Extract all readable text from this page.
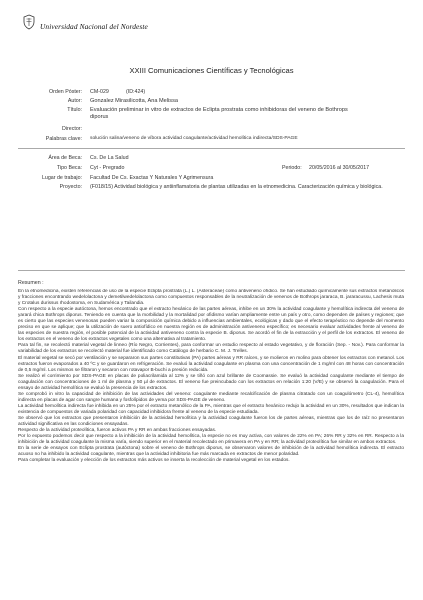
Universidad Nacional del Nordeste
XXIII Comunicaciones Científicas y Tecnológicas
Orden Póster: CM-029	(ID:424)
Autor: Gonzalez Mirasilicotta, Ana Melissa
Título: Evaluación preliminar in vitro de extractos de Eclipta prostrata como inhibidoras del veneno de Bothrops diporus
Director:
Palabras clave: solución salina/veneno de víbora actividad coagulante/actividad hemolítica indirecta/SDS-PAGE
Área de Beca: Cs. De La Salud
Tipo Beca: Cyt - Pregrado	Periodo: 20/05/2016 al 30/05/2017
Lugar de trabajo: Facultad De Cs. Exactas Y Naturales Y Agrimensura
Proyecto: (F018/15) Actividad biológica y antiinflamatoria de plantas utilizadas en la etnomedicina. Caracterización química y biológica.
Resumen :

En la etnomedicina, existen referencias de uso de la especie Eclipta prostrata (L.) L. (Asteraceae) como antiveneno ofídico. Se han estudiado químicamente sus extractos metanólicos y fracciones encontrando wedelolactona y demetilwedelolactona como compuestos responsables de la neutralización de venenos de Bothrops jararaca, B. jararacussu, Lachesis muta y Crotalus durissus rhodostoma, en Sudamérica y Tailandia.

Con respecto a la especie autóctona, hemos encontrado que el extracto hexánico de las partes aéreas, inhibe en un 30% la actividad coagulante y hemolítica indirecta del veneno de yarará chica Bothrops diporus. Teniendo en cuenta que la morbilidad y la mortalidad por ofidismo varían ampliamente entre un país y otro, como dependen de países y regiones; que es cierto que las especies venenosas pueden variar la composición química debido a influencias ambientales, ecológicas y dado que el efecto terapéutico no depende del momento preciso en que se aplique; que la utilización de suero antiofídico en nuestra región es de administración antiveneno específico; es necesario evaluar actividades frente al veneno de las especies de nuestra región, el posible potencial de la actividad antiveneno contra la especie B. diporus. Se acordó el fin de la extracción y el perfil de los extractos. El veneno de los extractos en el veneno de los extractos vegetales como una alternativa al tratamiento.

Para tal fin, se recolectó material vegetal de linneo (Río Negro, Corrientes), para conformar un estudio respecto al estado vegetativo, y de floración (Sep. - Nov.). Para conformar la variabilidad de los extractos se recolectó material fue identificado como Catálogo de herbario C. M. J. Trelles.

El material vegetal se secó por ventilación y se separaron sus partes constitutivas (PA) partes aéreas y RR raíces, y se molieron en molino para obtener los extractos con metanol. Los extractos fueron evaporados a 40 ºC y se guardaron en refrigeración. Se evaluó la actividad coagulante en plasma con una concentración de 1 mg/ml con 48 horas con concentración de 0,5 mg/ml. Los mismos se filtraron y secaron con rotavapor B-buchi a presión reducida.

Se realizó el corrimiento por SDS-PAGE en placas de poliacrilamida al 12% y se tiñó con azul brillante de Coomassie. Se evaluó la actividad coagulante mediante el tiempo de coagulación con concentraciones de 1 ml de plasma y 50 µl de extractos. El veneno fue preincubado con los extractos en relación 1:20 (V/E) y se observó la coagulación. Para el ensayo de actividad hemolítica se evaluó la presencia de los extractos.

Se comprobó in vitro la capacidad de inhibición de las actividades del veneno: coagulante mediante recalcificación de plasma citratado con un coagulómetro (CL-4), hemolítica indirecta en placas de agar con sangre humana y fosfolípidos de yema por SDS-PAGE de veneno.

La actividad hemolítica indirecta fue inhibida en un 25% por el extracto metanólico de la PA, mientras que el extracto hexánico redujo la actividad en un 30%, resultados que indican la existencia de compuestos de variada polaridad con capacidad inhibidora frente al veneno de la especie estudiada.

Se observó que los extractos que presentaron inhibición de la actividad hemolítica y la actividad coagulante fueron los de partes aéreas, mientras que los de raíz no presentaron actividad significativa en las condiciones ensayadas.

Respecto de la actividad proteolítica, fueron activos PA y RR en ambas fracciones ensayadas.

Por lo expuesto podemos decir que respecto a la inhibición de la actividad hemolítica, la especie no es muy activa, con valores de 22% en PA; 26% RR y 32% en RR. Respecto a la inhibición de la actividad coagulante la misma varía, siendo superior en el material recolectado en primavera en PA y en RR; la actividad proteolítica fue similar en ambos extractos.

En la serie de ensayos con Eclipta prostrata (autóctona) sobre el veneno de Bothrops diporus, se observaron valores de inhibición de la actividad hemolítica indirecta. El extracto acuoso no ha inhibido la actividad coagulante, mientras que la actividad inhibitoria fue más marcada en extractos de menor polaridad.

Para completar la evaluación y elección de los extractos más activos se inserta la recolección de material vegetal en los estados.
